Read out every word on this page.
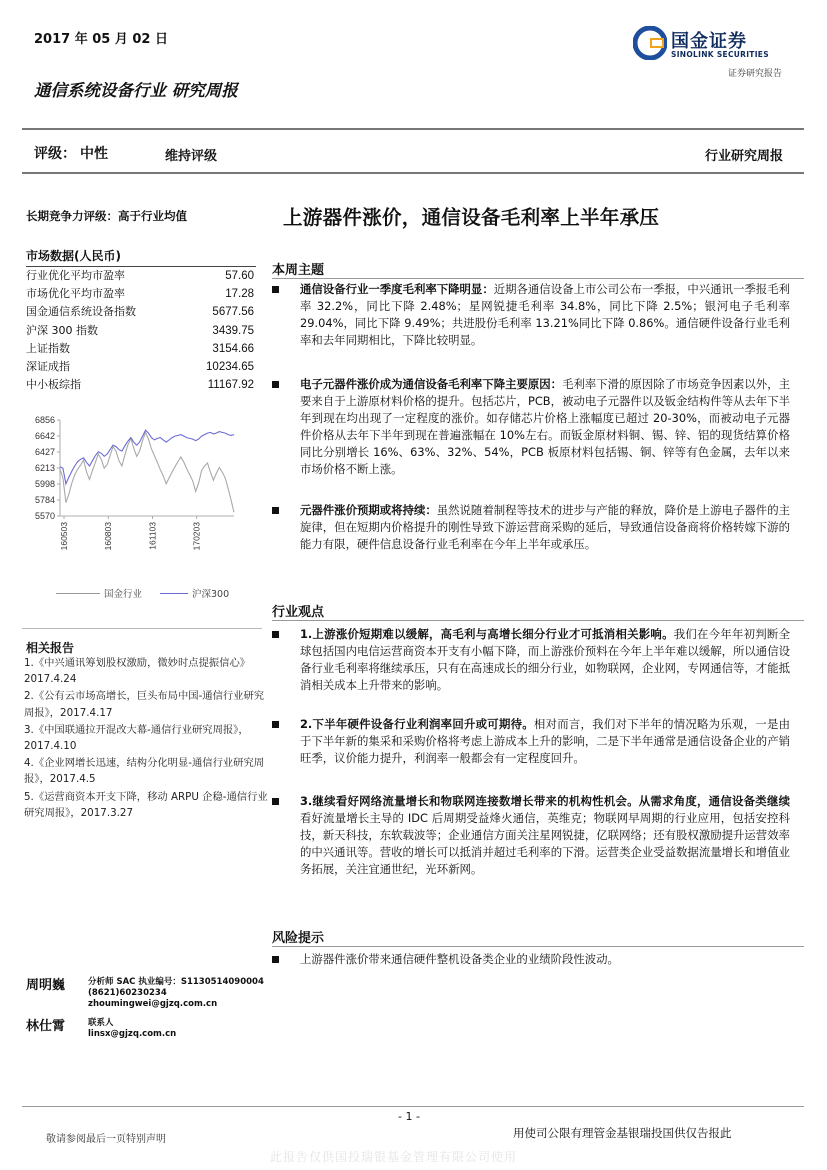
2017 年 05 月 02 日	国金证券
SINOLINK SECURITIES
证券研究报告
通信系统设备行业 研究周报
评级： 中性	维持评级	行业研究周报
长期竞争力评级：高于行业均值	上游器件涨价，通信设备毛利率上半年承压
市场数据(人民币)
行业优化平均市盈率	57.60
市场优化平均市盈率	17.28
国金通信系统设备指数	5677.56
沪深 300 指数	3439.75
上证指数	3154.66
深证成指	10234.65
中小板综指	11167.92
6856
6642
6427
6213
5998
5784
5570
160503	160803	161103	170203
国金行业	沪深300
相关报告
1.《中兴通讯筹划股权激励，微妙时点提振信心》 2017.4.24
2.《公有云市场高增长，巨头布局中国-通信行业研究周报》，2017.4.17
3.《中国联通拉开混改大幕-通信行业研究周报》，2017.4.10
4.《企业网增长迅速，结构分化明显-通信行业研究周报》，2017.4.5
5.《运营商资本开支下降，移动 ARPU 企稳-通信行业研究周报》，2017.3.27
本周主题
通信设备行业一季度毛利率下降明显：近期各通信设备上市公司公布一季报，中兴通讯一季报毛利率 32.2%，同比下降 2.48%；星网锐捷毛利率 34.8%，同比下降 2.5%；银河电子毛利率 29.04%，同比下降 9.49%；共进股份毛利率 13.21%同比下降 0.86%。通信硬件设备行业毛利率和去年同期相比，下降比较明显。
电子元器件涨价成为通信设备毛利率下降主要原因：毛利率下滑的原因除了市场竞争因素以外，主要来自于上游原材料价格的提升。包括芯片，PCB，被动电子元器件以及钣金结构件等从去年下半年到现在均出现了一定程度的涨价。如存储芯片价格上涨幅度已超过 20-30%，而被动电子元器件价格从去年下半年到现在普遍涨幅在 10%左右。而钣金原材料铜、锡、锌、铝的现货结算价格同比分别增长 16%、63%、32%、54%，PCB 板原材料包括锡、铜、锌等有色金属，去年以来市场价格不断上涨。
元器件涨价预期或将持续：虽然说随着制程等技术的进步与产能的释放，降价是上游电子器件的主旋律，但在短期内价格提升的刚性导致下游运营商采购的延后，导致通信设备商将价格转嫁下游的能力有限，硬件信息设备行业毛利率在今年上半年或承压。
行业观点
1.上游涨价短期难以缓解，高毛利与高增长细分行业才可抵消相关影响。我们在今年年初判断全球包括国内电信运营商资本开支有小幅下降，而上游涨价预料在今年上半年难以缓解，所以通信设备行业毛利率将继续承压，只有在高速成长的细分行业，如物联网，企业网，专网通信等，才能抵消相关成本上升带来的影响。
2.下半年硬件设备行业利润率回升或可期待。相对而言，我们对下半年的情况略为乐观，一是由于下半年新的集采和采购价格将考虑上游成本上升的影响，二是下半年通常是通信设备企业的产销旺季，议价能力提升，利润率一般都会有一定程度回升。
3.继续看好网络流量增长和物联网连接数增长带来的机构性机会。从需求角度，通信设备类继续看好流量增长主导的 IDC 后周期受益烽火通信，英维克；物联网早周期的行业应用，包括安控科技，新天科技，东软载波等；企业通信方面关注星网锐捷，亿联网络；还有股权激励提升运营效率的中兴通讯等。营收的增长可以抵消并超过毛利率的下滑。运营类企业受益数据流量增长和增值业务拓展，关注宜通世纪，光环新网。
风险提示
上游器件涨价带来通信硬件整机设备类企业的业绩阶段性波动。
周明巍	分析师 SAC 执业编号：S1130514090004
(8621)60230234
zhoumingwei@gjzq.com.cn
林仕霄	联系人
linsx@gjzq.com.cn
- 1 -
敬请参阅最后一页特别声明	用使司公限有理管金基银瑞投国供仅告报此
此报告仅供国投瑞银基金管理有限公司使用
